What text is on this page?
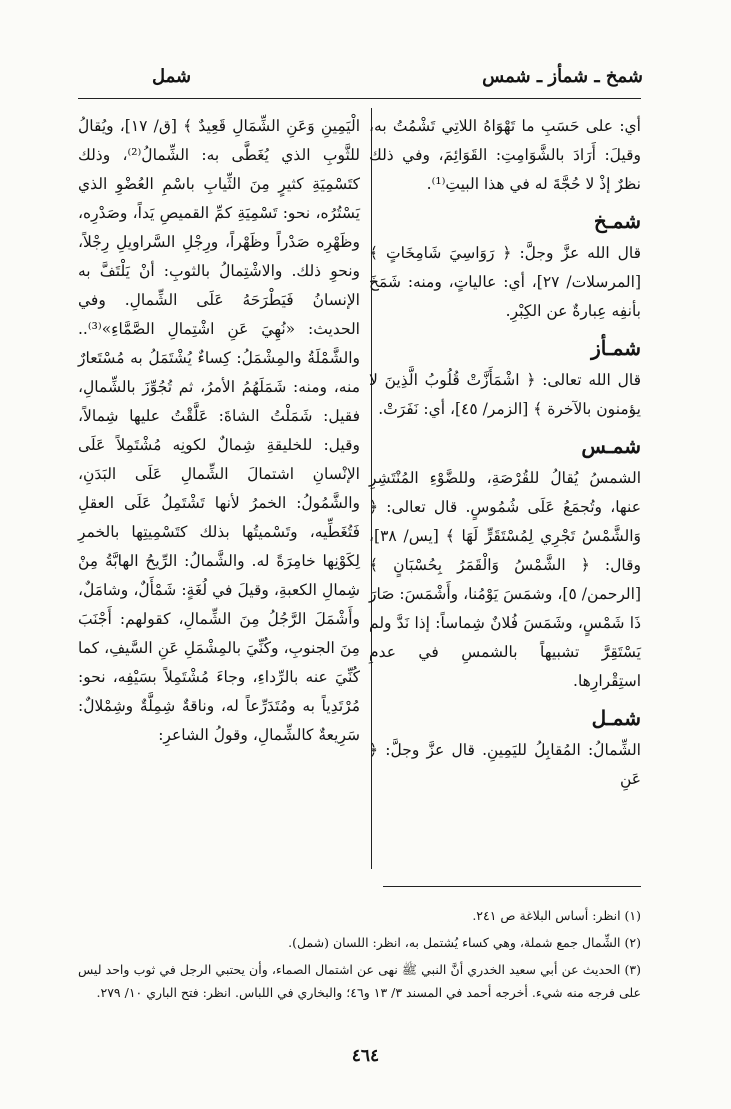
شمخ ـ شمأز ـ شمس
شمل

أي: على حَسَبِ ما تَهْوَاهُ اللاتِي تَشْمُتُ به، وقيلَ: أَرَادَ بالشَّوَامِتِ: القَوَائِمَ، وفي ذلك نظرٌ إذْ لا حُجَّةَ له في هذا البيتِ⁽¹⁾.

شمـخ

قال الله عزَّ وجلَّ: ﴿ رَوَاسِيَ شَامِخَاتٍ ﴾ [المرسلات/ ٢٧]، أي: عالياتٍ، ومنه: شَمَخَ بأنفِه عِبارةٌ عن الكِبْرِ.

شمـأز

قال الله تعالى: ﴿ اشْمَأَزَّتْ قُلُوبُ الَّذِينَ لا يؤمنون بالآخرة ﴾ [الزمر/ ٤٥]، أي: نَفَرَتْ.

شمـس

الشمسُ يُقالُ للقُرْصَةِ، وللضَّوْءِ المُنْتَشِرِ عنها، وتُجمَعُ عَلَى شُمُوسٍ. قال تعالى: ﴿ وَالشَّمْسُ تَجْرِي لِمُسْتَقَرٍّ لَهَا ﴾ [يس/ ٣٨]، وقال: ﴿ الشَّمْسُ وَالْقَمَرُ بِحُسْبَانٍ ﴾ [الرحمن/ ٥]، وشمَسَ يَوْمُنا، وأَشْمَسَ: صَارَ ذَا شَمْسٍ، وشَمَسَ فُلانٌ شِماساً: إذا نَدَّ ولم يَسْتَقِرَّ تشبيهاً بالشمسِ في عدمِ استِقْرارِها.

شمـل

الشِّمالُ: المُقابِلُ لليَمِينِ. قال عزَّ وجلَّ: ﴿ عَنِ

الْيَمِينِ وَعَنِ الشِّمَالِ قَعِيدٌ ﴾ [ق/ ١٧]، ويُقالُ للثَّوبِ الذي يُغَطَّى به: الشِّمالُ⁽²⁾، وذلك كتَسْمِيَةِ كثيرٍ مِنَ الثِّيابِ باسْمِ العُضْوِ الذي يَسْتُرُه، نحو: تَسْمِيَةِ كمِّ القميصِ يَداً، وصَدْرِه، وظَهْرِه صَدْراً وظَهْراً، ورِجْلِ السَّراويلِ رِجْلاً، ونحوِ ذلك. والاشْتِمالُ بالثوبِ: أنْ يَلْتَفَّ به الإنسانُ فَيَطْرَحَهُ عَلَى الشِّمالِ. وفي الحديث: «نُهِيَ عَنِ اشْتِمالِ الصَّمَّاءِ»⁽³⁾.. والشَّمْلَةُ والمِشْمَلُ: كِساءٌ يُشْتَمَلُ به مُسْتَعارٌ منه، ومنه: شَمَلَهُمُ الأمرُ، ثم تُجُوِّزَ بالشِّمالِ، فقيل: شَمَلْتُ الشاةَ: عَلَّقْتُ عليها شِمالاً، وقيل: للخليقةِ شِمالٌ لكونِه مُشْتَمِلاً عَلَى الإنْسانِ اشتمالَ الشِّمالِ عَلَى البَدَنِ، والشَّمُولُ: الخمرُ لأنها تَشْتَمِلُ عَلَى العقلِ فَتُغَطِّيه، وتَسْميتُها بذلك كتَسْمِيتِها بالخمرِ لِكَوْنِها خامِرَةً له. والشَّمالُ: الرِّيحُ الهابَّةُ مِنْ شِمالِ الكعبةِ، وقيلَ في لُغَةٍ: شَمْأَلٌ، وشامَلٌ، وأَشْمَلَ الرَّجُلُ مِنَ الشِّمالِ، كقولهم: أَجْنَبَ مِنَ الجنوبِ، وكُنِّيَ بالمِشْمَلِ عَنِ السَّيفِ، كما كُنِّيَ عنه بالرِّداءِ، وجاءَ مُشْتَمِلاً بسَيْفِه، نحو: مُرْتَدِياً به ومُتَدَرِّعاً له، وناقةٌ شِمِلَّةٌ وشِمْلالٌ: سَرِيعةٌ كالشِّمالِ، وقولُ الشاعرِ:

(١) انظر: أساس البلاغة ص ٢٤١.

(٢) الشِّمال جمع شملة، وهي كساء يُشتمل به، انظر: اللسان (شمل).

(٣) الحديث عن أبي سعيد الخدري أنَّ النبي ﷺ نهى عن اشتمال الصماء، وأن يحتبي الرجل في ثوب واحد ليس على فرجه منه شيء. أخرجه أحمد في المسند ٣/ ١٣ و٤٦؛ والبخاري في اللباس. انظر: فتح الباري ١٠/ ٢٧٩.

٤٦٤
